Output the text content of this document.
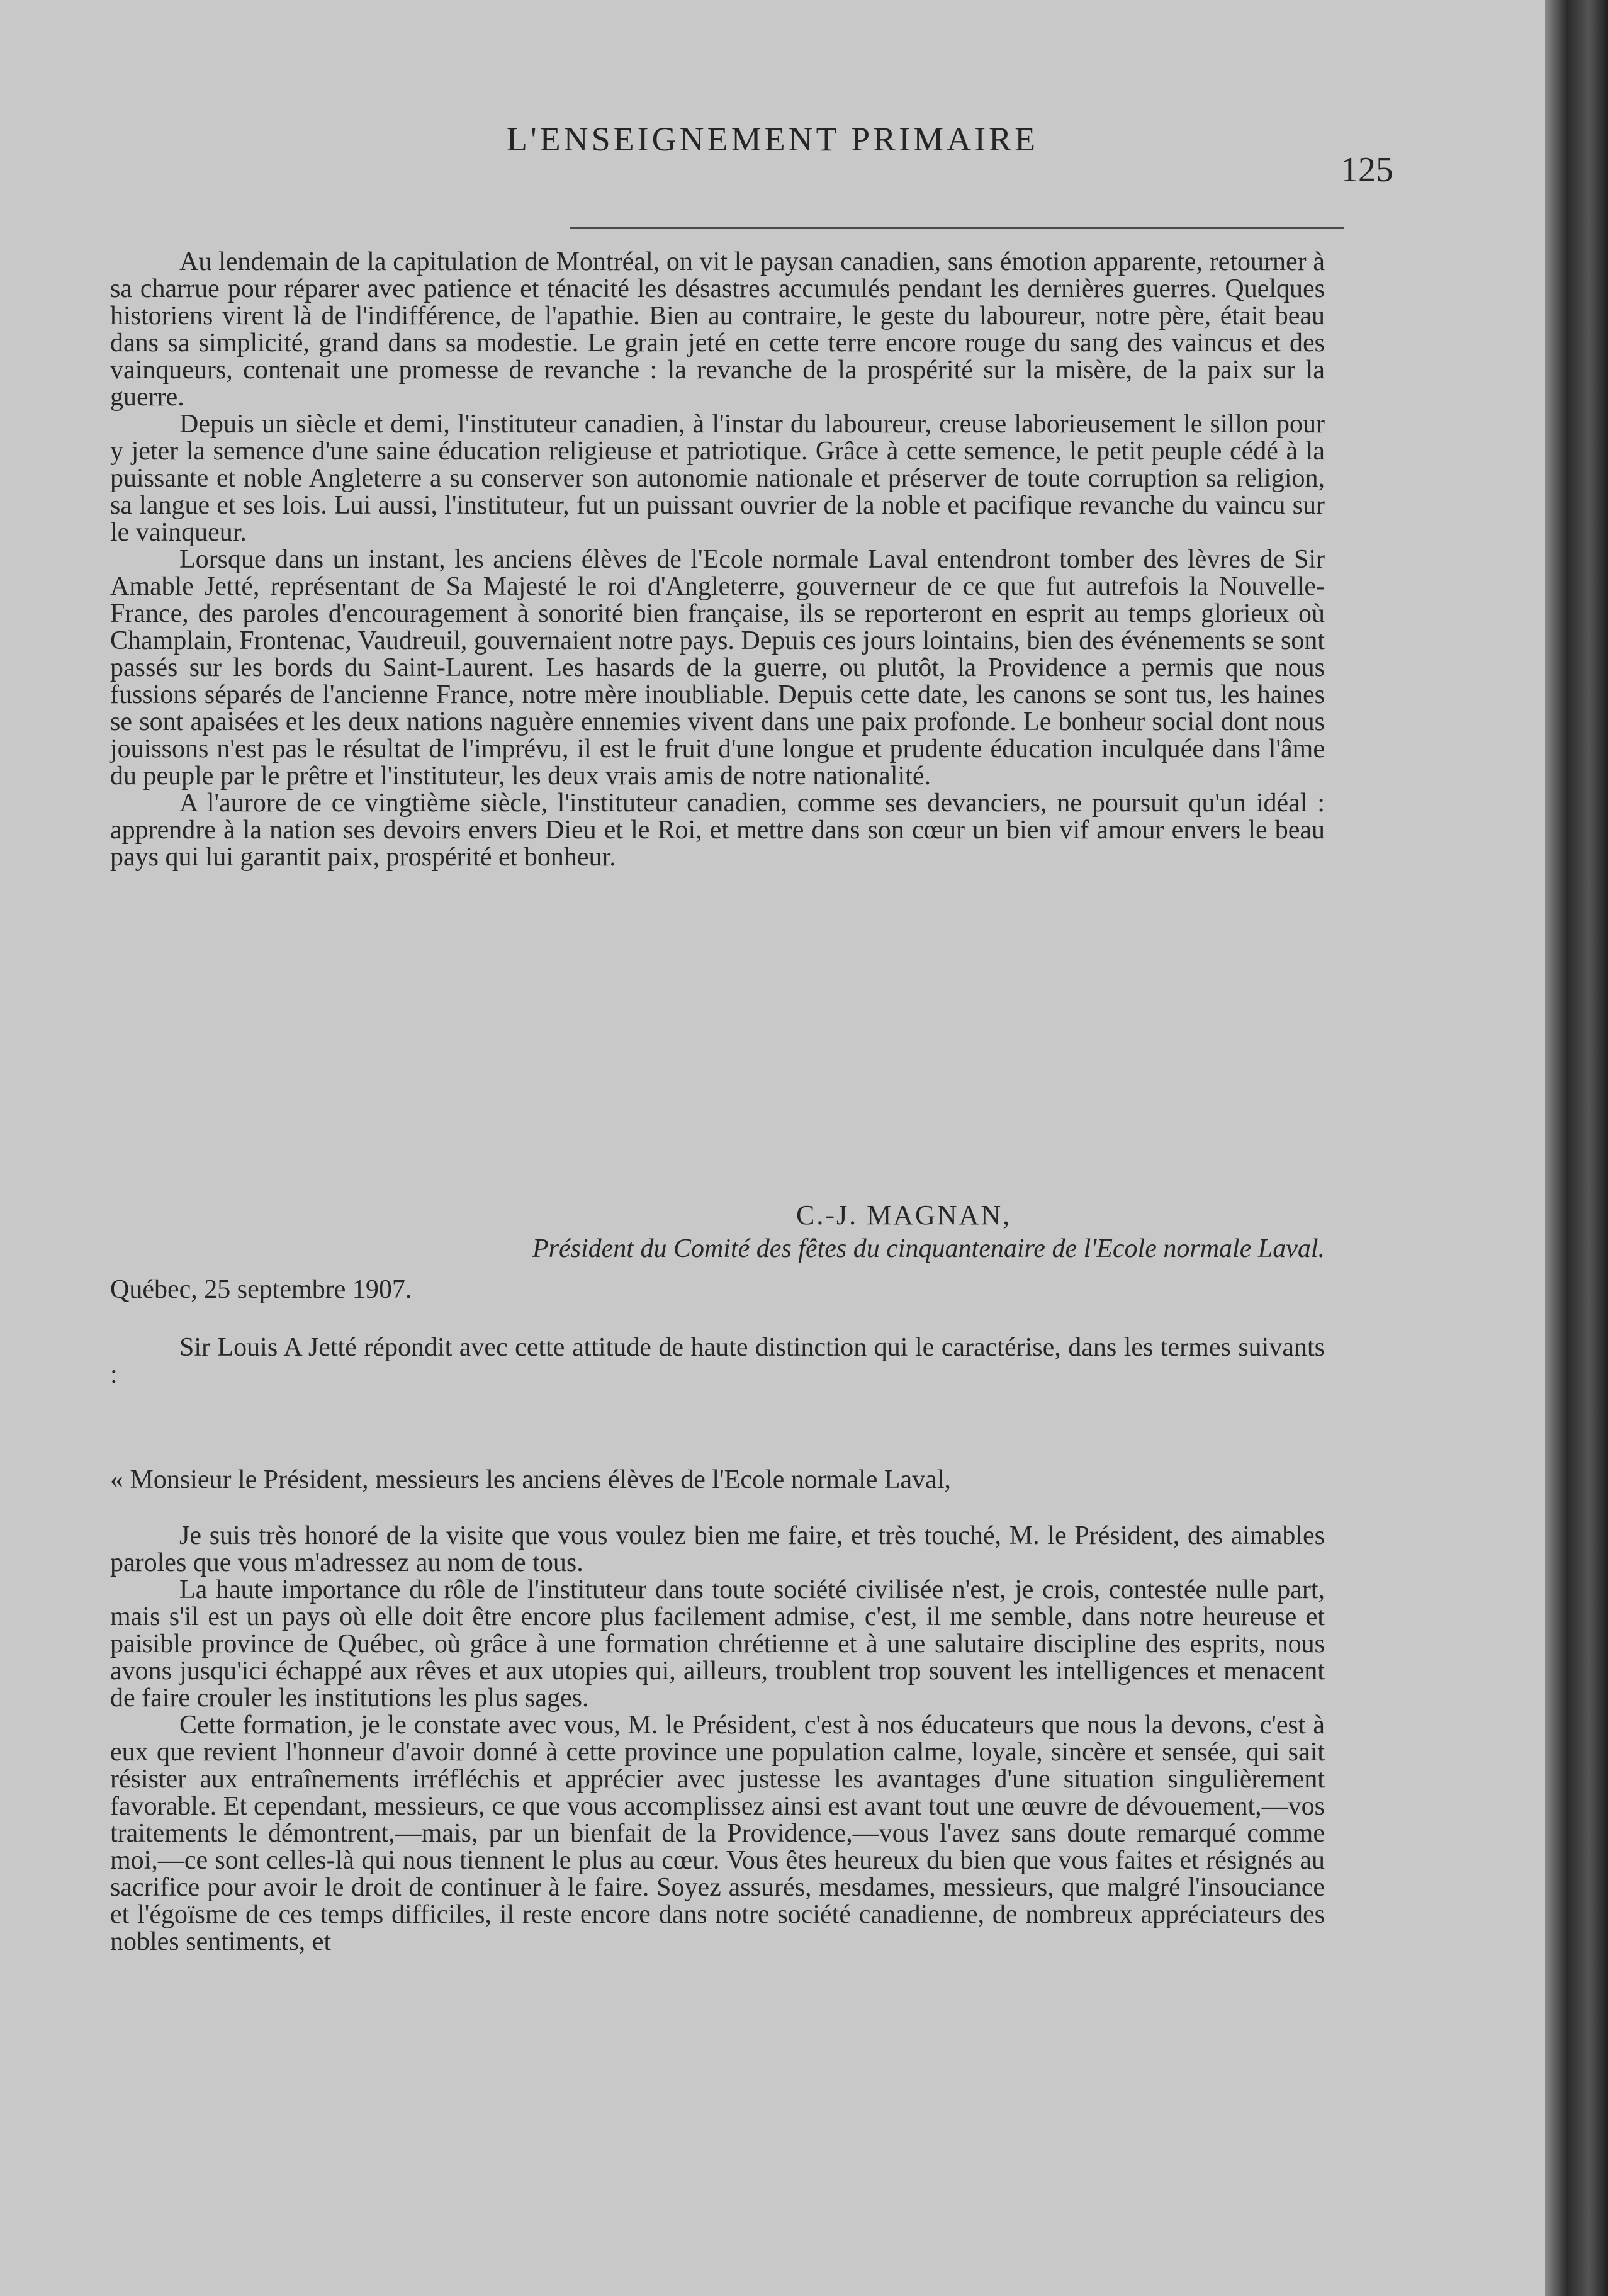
L'ENSEIGNEMENT PRIMAIRE
125

Au lendemain de la capitulation de Montréal, on vit le paysan canadien, sans émotion apparente, retourner à sa charrue pour réparer avec patience et ténacité les désastres accumulés pendant les dernières guerres. Quelques historiens virent là de l'indifférence, de l'apathie. Bien au contraire, le geste du laboureur, notre père, était beau dans sa simplicité, grand dans sa modestie. Le grain jeté en cette terre encore rouge du sang des vaincus et des vainqueurs, contenait une promesse de revanche : la revanche de la prospérité sur la misère, de la paix sur la guerre.

Depuis un siècle et demi, l'instituteur canadien, à l'instar du laboureur, creuse laborieusement le sillon pour y jeter la semence d'une saine éducation religieuse et patriotique. Grâce à cette semence, le petit peuple cédé à la puissante et noble Angleterre a su conserver son autonomie nationale et préserver de toute corruption sa religion, sa langue et ses lois. Lui aussi, l'instituteur, fut un puissant ouvrier de la noble et pacifique revanche du vaincu sur le vainqueur.

Lorsque dans un instant, les anciens élèves de l'Ecole normale Laval entendront tomber des lèvres de Sir Amable Jetté, représentant de Sa Majesté le roi d'Angleterre, gouverneur de ce que fut autrefois la Nouvelle-France, des paroles d'encouragement à sonorité bien française, ils se reporteront en esprit au temps glorieux où Champlain, Frontenac, Vaudreuil, gouvernaient notre pays. Depuis ces jours lointains, bien des événements se sont passés sur les bords du Saint-Laurent. Les hasards de la guerre, ou plutôt, la Providence a permis que nous fussions séparés de l'ancienne France, notre mère inoubliable. Depuis cette date, les canons se sont tus, les haines se sont apaisées et les deux nations naguère ennemies vivent dans une paix profonde. Le bonheur social dont nous jouissons n'est pas le résultat de l'imprévu, il est le fruit d'une longue et prudente éducation inculquée dans l'âme du peuple par le prêtre et l'instituteur, les deux vrais amis de notre nationalité.

A l'aurore de ce vingtième siècle, l'instituteur canadien, comme ses devanciers, ne poursuit qu'un idéal : apprendre à la nation ses devoirs envers Dieu et le Roi, et mettre dans son cœur un bien vif amour envers le beau pays qui lui garantit paix, prospérité et bonheur.

C.-J. MAGNAN,
Président du Comité des fêtes du cinquantenaire de l'Ecole normale Laval.
Québec, 25 septembre 1907.

Sir Louis A Jetté répondit avec cette attitude de haute distinction qui le caractérise, dans les termes suivants :

« Monsieur le Président, messieurs les anciens élèves de l'Ecole normale Laval,

Je suis très honoré de la visite que vous voulez bien me faire, et très touché, M. le Président, des aimables paroles que vous m'adressez au nom de tous.

La haute importance du rôle de l'instituteur dans toute société civilisée n'est, je crois, contestée nulle part, mais s'il est un pays où elle doit être encore plus facilement admise, c'est, il me semble, dans notre heureuse et paisible province de Québec, où grâce à une formation chrétienne et à une salutaire discipline des esprits, nous avons jusqu'ici échappé aux rêves et aux utopies qui, ailleurs, troublent trop souvent les intelligences et menacent de faire crouler les institutions les plus sages.

Cette formation, je le constate avec vous, M. le Président, c'est à nos éducateurs que nous la devons, c'est à eux que revient l'honneur d'avoir donné à cette province une population calme, loyale, sincère et sensée, qui sait résister aux entraînements irréfléchis et apprécier avec justesse les avantages d'une situation singulièrement favorable. Et cependant, messieurs, ce que vous accomplissez ainsi est avant tout une œuvre de dévouement,—vos traitements le démontrent,—mais, par un bienfait de la Providence,—vous l'avez sans doute remarqué comme moi,—ce sont celles-là qui nous tiennent le plus au cœur. Vous êtes heureux du bien que vous faites et résignés au sacrifice pour avoir le droit de continuer à le faire. Soyez assurés, mesdames, messieurs, que malgré l'insouciance et l'égoïsme de ces temps difficiles, il reste encore dans notre société canadienne, de nombreux appréciateurs des nobles sentiments, et
